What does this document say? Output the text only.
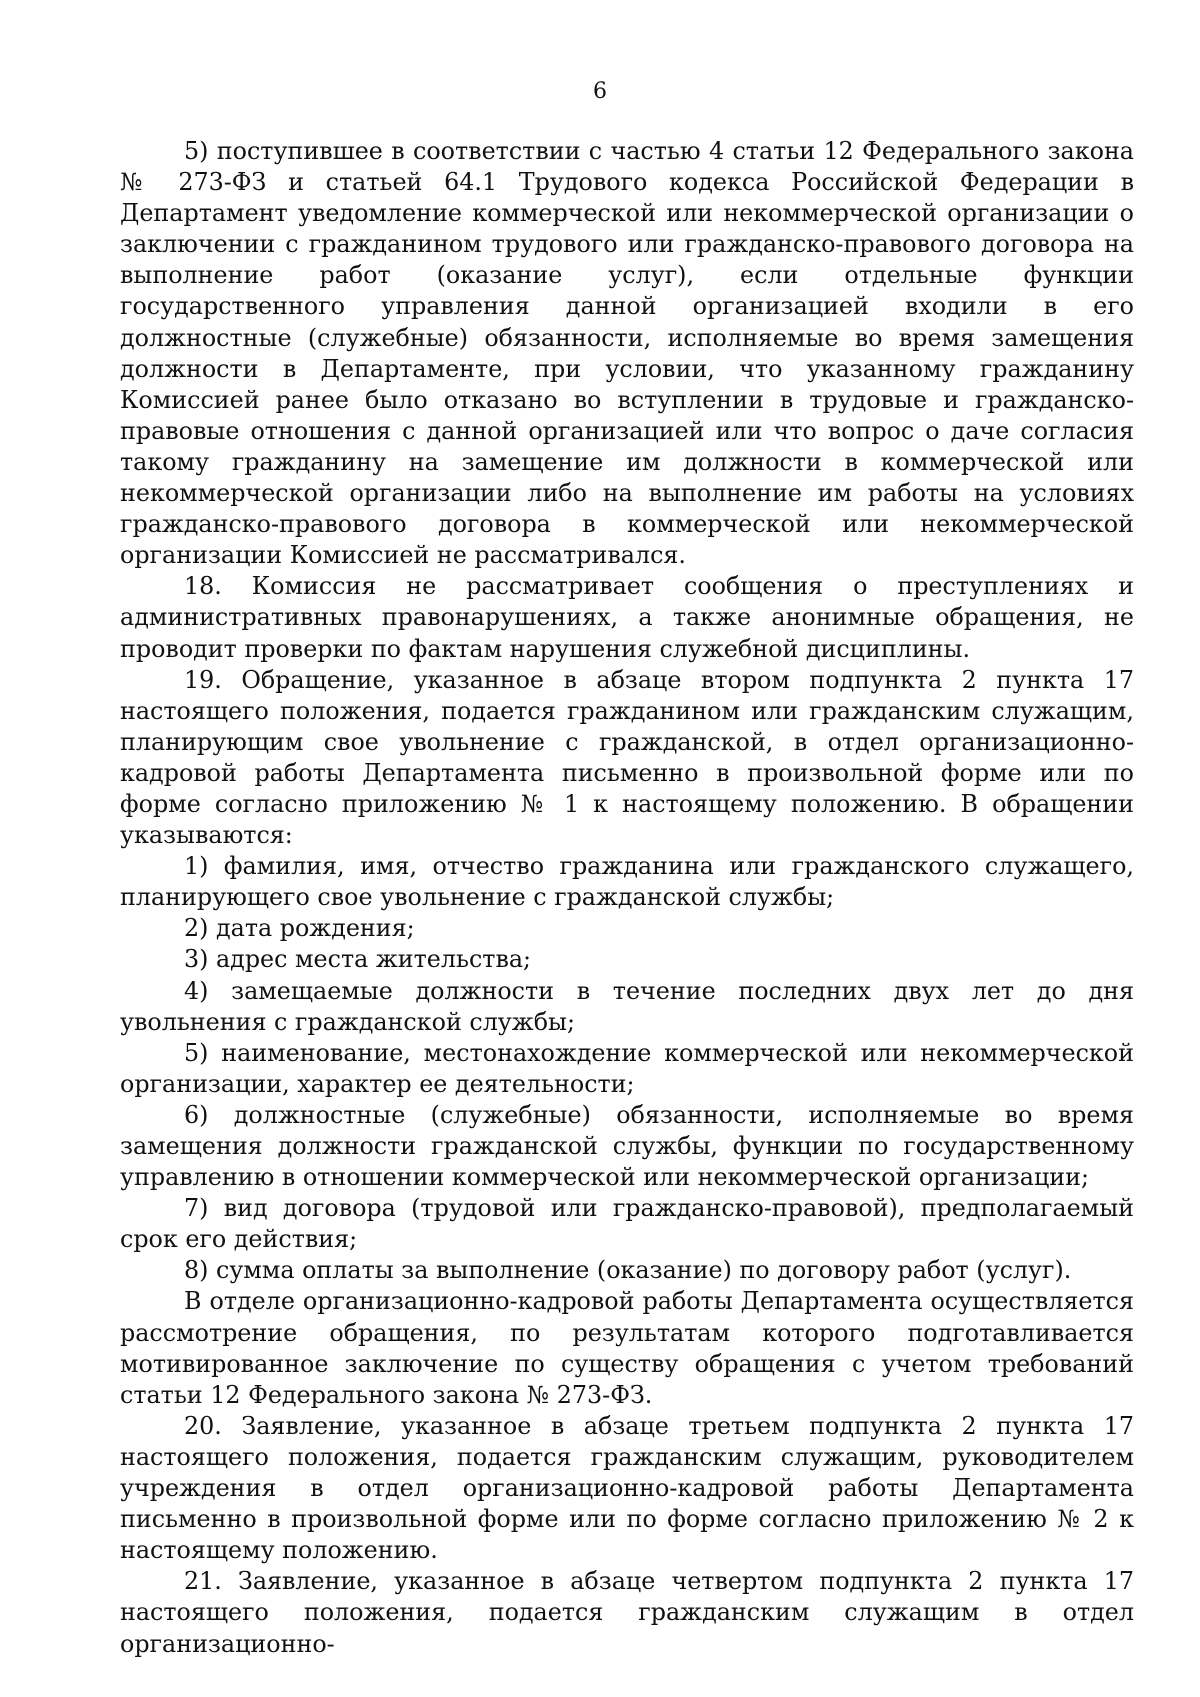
6

5) поступившее в соответствии с частью 4 статьи 12 Федерального закона № 273-ФЗ и статьей 64.1 Трудового кодекса Российской Федерации в Департамент уведомление коммерческой или некоммерческой организации о заключении с гражданином трудового или гражданско-правового договора на выполнение работ (оказание услуг), если отдельные функции государственного управления данной организацией входили в его должностные (служебные) обязанности, исполняемые во время замещения должности в Департаменте, при условии, что указанному гражданину Комиссией ранее было отказано во вступлении в трудовые и гражданско-правовые отношения с данной организацией или что вопрос о даче согласия такому гражданину на замещение им должности в коммерческой или некоммерческой организации либо на выполнение им работы на условиях гражданско-правового договора в коммерческой или некоммерческой организации Комиссией не рассматривался.

18. Комиссия не рассматривает сообщения о преступлениях и административных правонарушениях, а также анонимные обращения, не проводит проверки по фактам нарушения служебной дисциплины.

19. Обращение, указанное в абзаце втором подпункта 2 пункта 17 настоящего положения, подается гражданином или гражданским служащим, планирующим свое увольнение с гражданской, в отдел организационно-кадровой работы Департамента письменно в произвольной форме или по форме согласно приложению № 1 к настоящему положению. В обращении указываются:

1) фамилия, имя, отчество гражданина или гражданского служащего, планирующего свое увольнение с гражданской службы;

2) дата рождения;

3) адрес места жительства;

4) замещаемые должности в течение последних двух лет до дня увольнения с гражданской службы;

5) наименование, местонахождение коммерческой или некоммерческой организации, характер ее деятельности;

6) должностные (служебные) обязанности, исполняемые во время замещения должности гражданской службы, функции по государственному управлению в отношении коммерческой или некоммерческой организации;

7) вид договора (трудовой или гражданско-правовой), предполагаемый срок его действия;

8) сумма оплаты за выполнение (оказание) по договору работ (услуг).

В отделе организационно-кадровой работы Департамента осуществляется рассмотрение обращения, по результатам которого подготавливается мотивированное заключение по существу обращения с учетом требований статьи 12 Федерального закона № 273-ФЗ.

20. Заявление, указанное в абзаце третьем подпункта 2 пункта 17 настоящего положения, подается гражданским служащим, руководителем учреждения в отдел организационно-кадровой работы Департамента письменно в произвольной форме или по форме согласно приложению № 2 к настоящему положению.

21. Заявление, указанное в абзаце четвертом подпункта 2 пункта 17 настоящего положения, подается гражданским служащим в отдел организационно-
